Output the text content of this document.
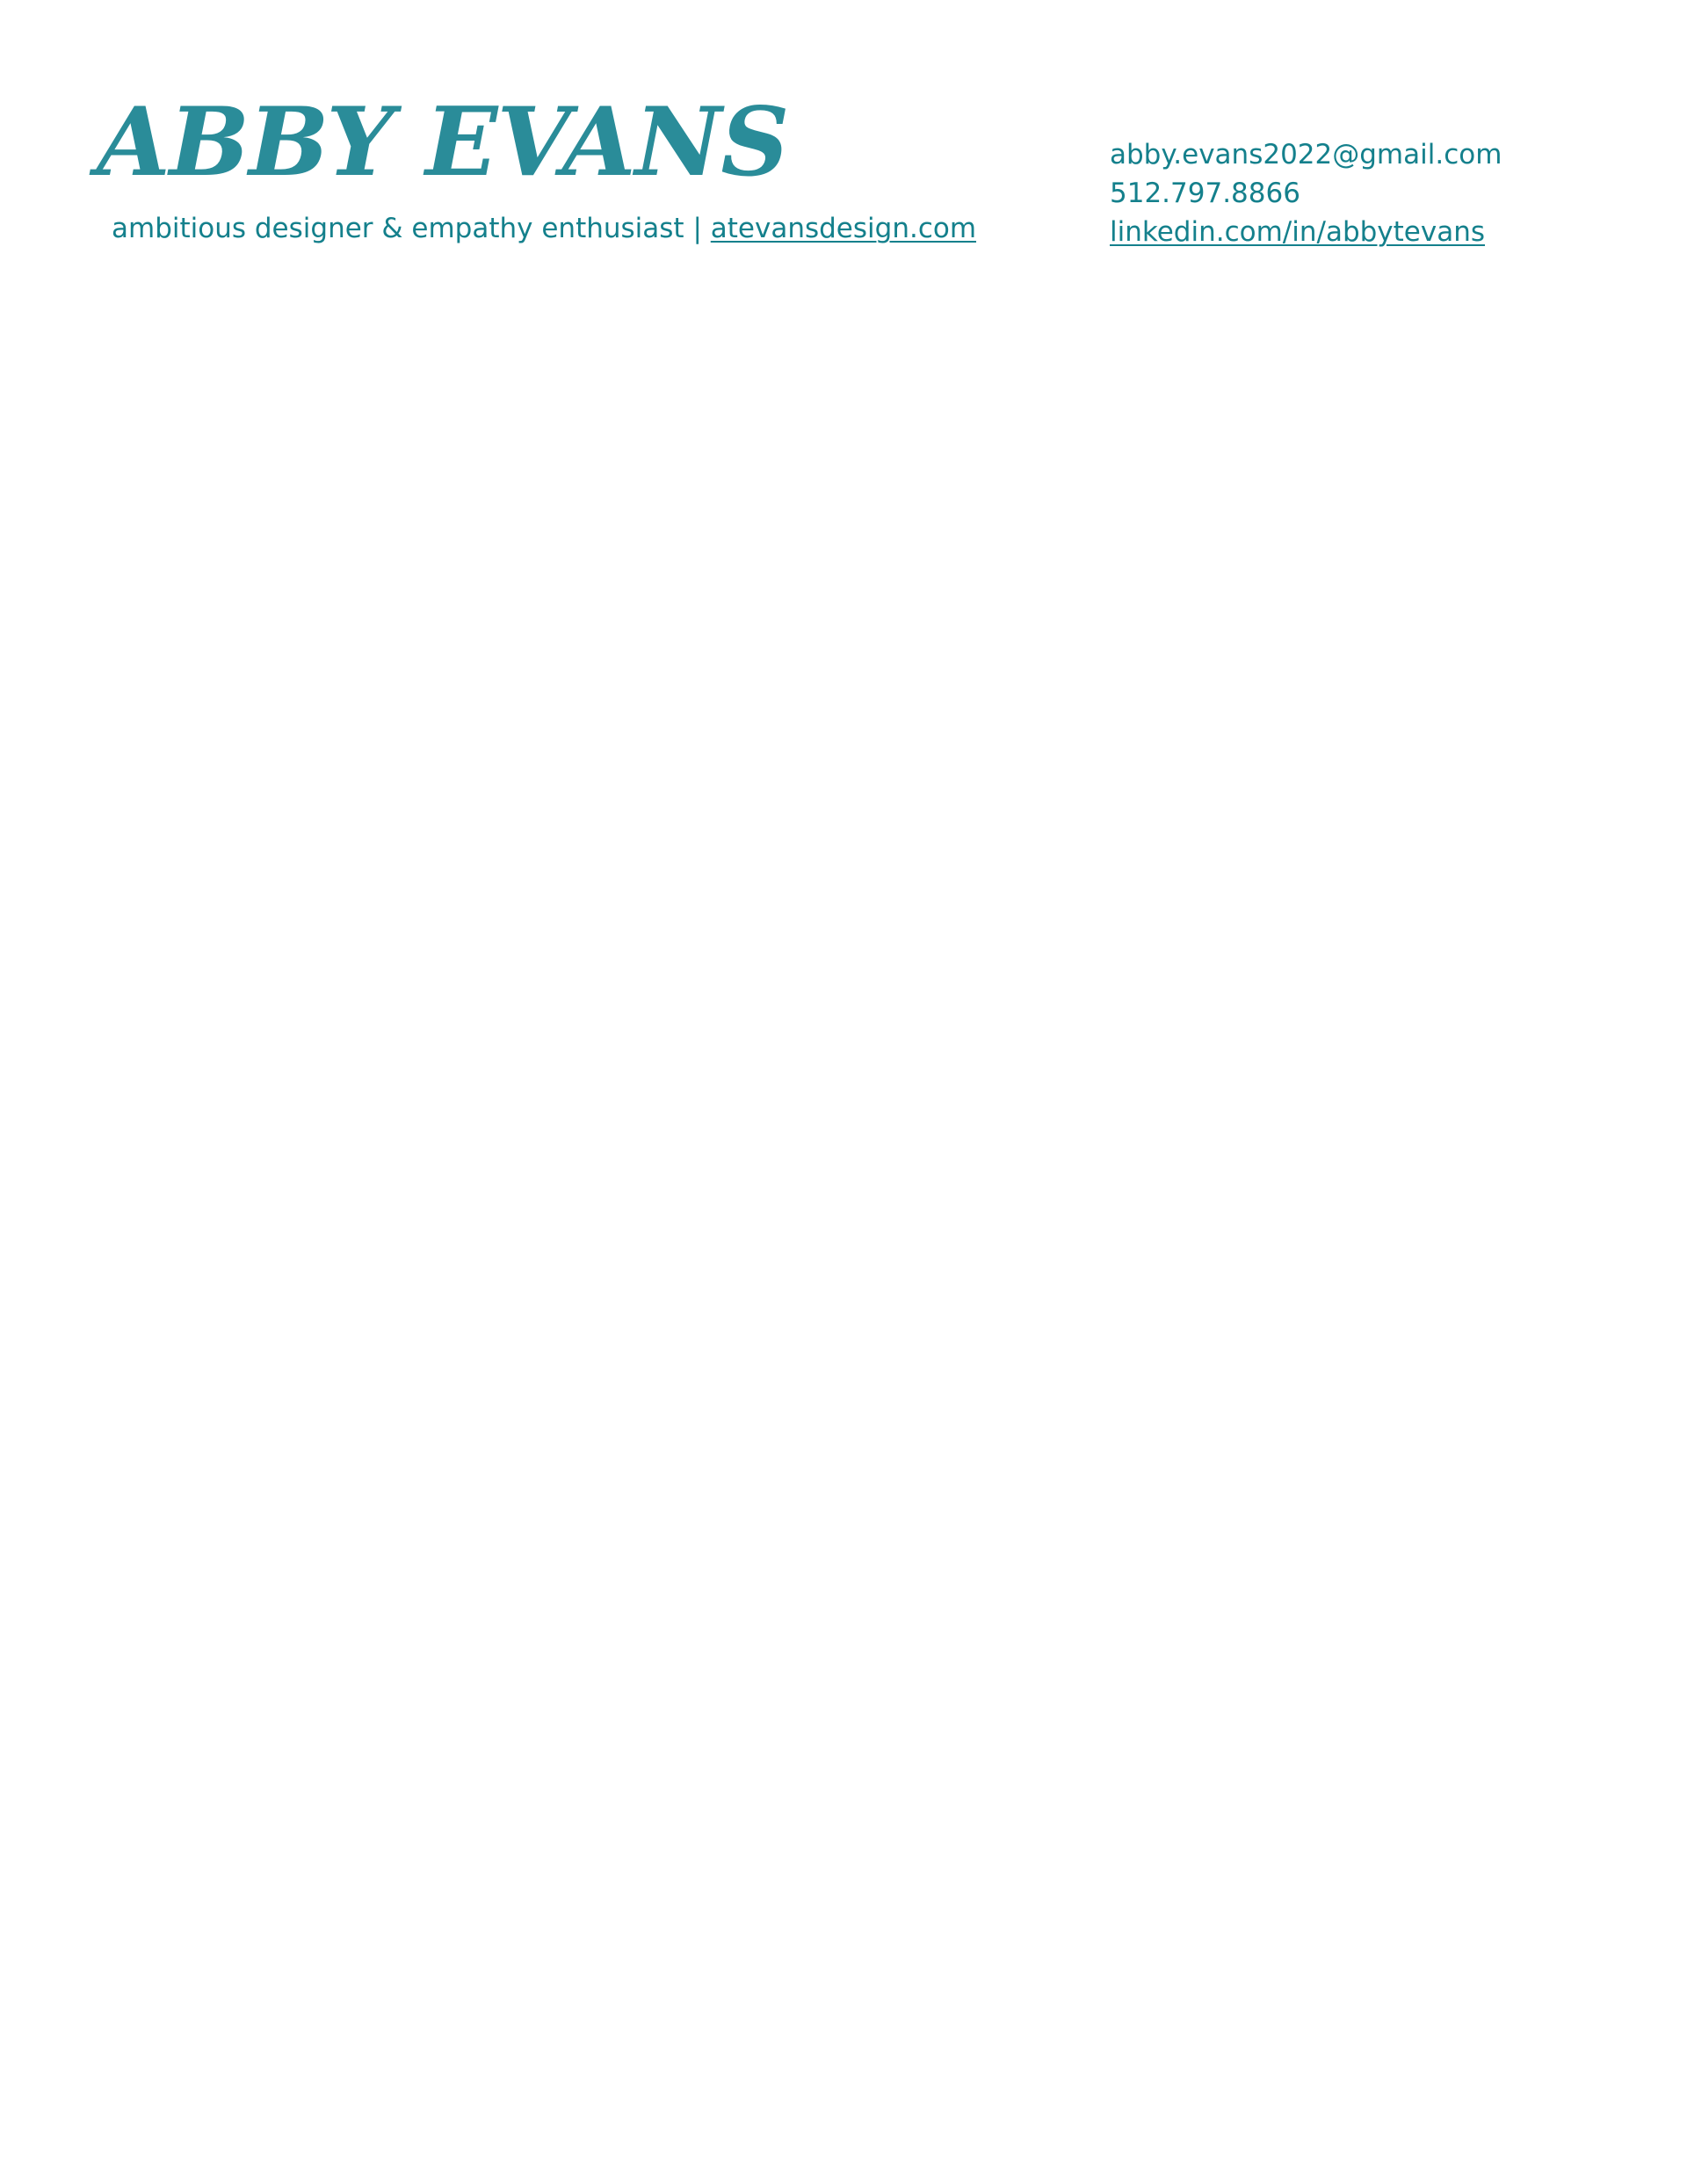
ABBY EVANS
ambitious designer & empathy enthusiast | atevansdesign.com
abby.evans2022@gmail.com
512.797.8866
linkedin.com/in/abbytevans
